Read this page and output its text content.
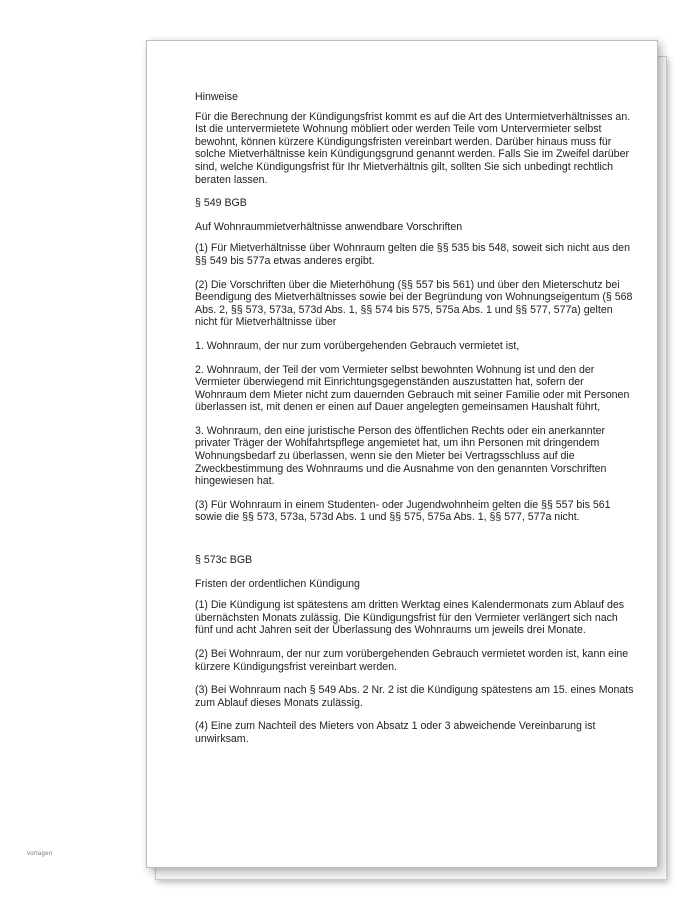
Hinweise

Für die Berechnung der Kündigungsfrist kommt es auf die Art des Untermietverhältnisses an. Ist die untervermietete Wohnung möbliert oder werden Teile vom Untervermieter selbst bewohnt, können kürzere Kündigungsfristen vereinbart werden. Darüber hinaus muss für solche Mietverhältnisse kein Kündigungsgrund genannt werden. Falls Sie im Zweifel darüber sind, welche Kündigungsfrist für Ihr Mietverhältnis gilt, sollten Sie sich unbedingt rechtlich beraten lassen.

§ 549 BGB

Auf Wohnraummietverhältnisse anwendbare Vorschriften

(1) Für Mietverhältnisse über Wohnraum gelten die §§ 535 bis 548, soweit sich nicht aus den §§ 549 bis 577a etwas anderes ergibt.

(2) Die Vorschriften über die Mieterhöhung (§§ 557 bis 561) und über den Mieterschutz bei Beendigung des Mietverhältnisses sowie bei der Begründung von Wohnungseigentum (§ 568 Abs. 2, §§ 573, 573a, 573d Abs. 1, §§ 574 bis 575, 575a Abs. 1 und §§ 577, 577a) gelten nicht für Mietverhältnisse über

1. Wohnraum, der nur zum vorübergehenden Gebrauch vermietet ist,

2. Wohnraum, der Teil der vom Vermieter selbst bewohnten Wohnung ist und den der Vermieter überwiegend mit Einrichtungsgegenständen auszustatten hat, sofern der Wohnraum dem Mieter nicht zum dauernden Gebrauch mit seiner Familie oder mit Personen überlassen ist, mit denen er einen auf Dauer angelegten gemeinsamen Haushalt führt,

3. Wohnraum, den eine juristische Person des öffentlichen Rechts oder ein anerkannter privater Träger der Wohlfahrtspflege angemietet hat, um ihn Personen mit dringendem Wohnungsbedarf zu überlassen, wenn sie den Mieter bei Vertragsschluss auf die Zweckbestimmung des Wohnraums und die Ausnahme von den genannten Vorschriften hingewiesen hat.

(3) Für Wohnraum in einem Studenten- oder Jugendwohnheim gelten die §§ 557 bis 561 sowie die §§ 573, 573a, 573d Abs. 1 und §§ 575, 575a Abs. 1, §§ 577, 577a nicht.

§ 573c BGB

Fristen der ordentlichen Kündigung

(1) Die Kündigung ist spätestens am dritten Werktag eines Kalendermonats zum Ablauf des übernächsten Monats zulässig. Die Kündigungsfrist für den Vermieter verlängert sich nach fünf und acht Jahren seit der Überlassung des Wohnraums um jeweils drei Monate.

(2) Bei Wohnraum, der nur zum vorübergehenden Gebrauch vermietet worden ist, kann eine kürzere Kündigungsfrist vereinbart werden.

(3) Bei Wohnraum nach § 549 Abs. 2 Nr. 2 ist die Kündigung spätestens am 15. eines Monats zum Ablauf dieses Monats zulässig.

(4) Eine zum Nachteil des Mieters von Absatz 1 oder 3 abweichende Vereinbarung ist unwirksam.

vorlagen
